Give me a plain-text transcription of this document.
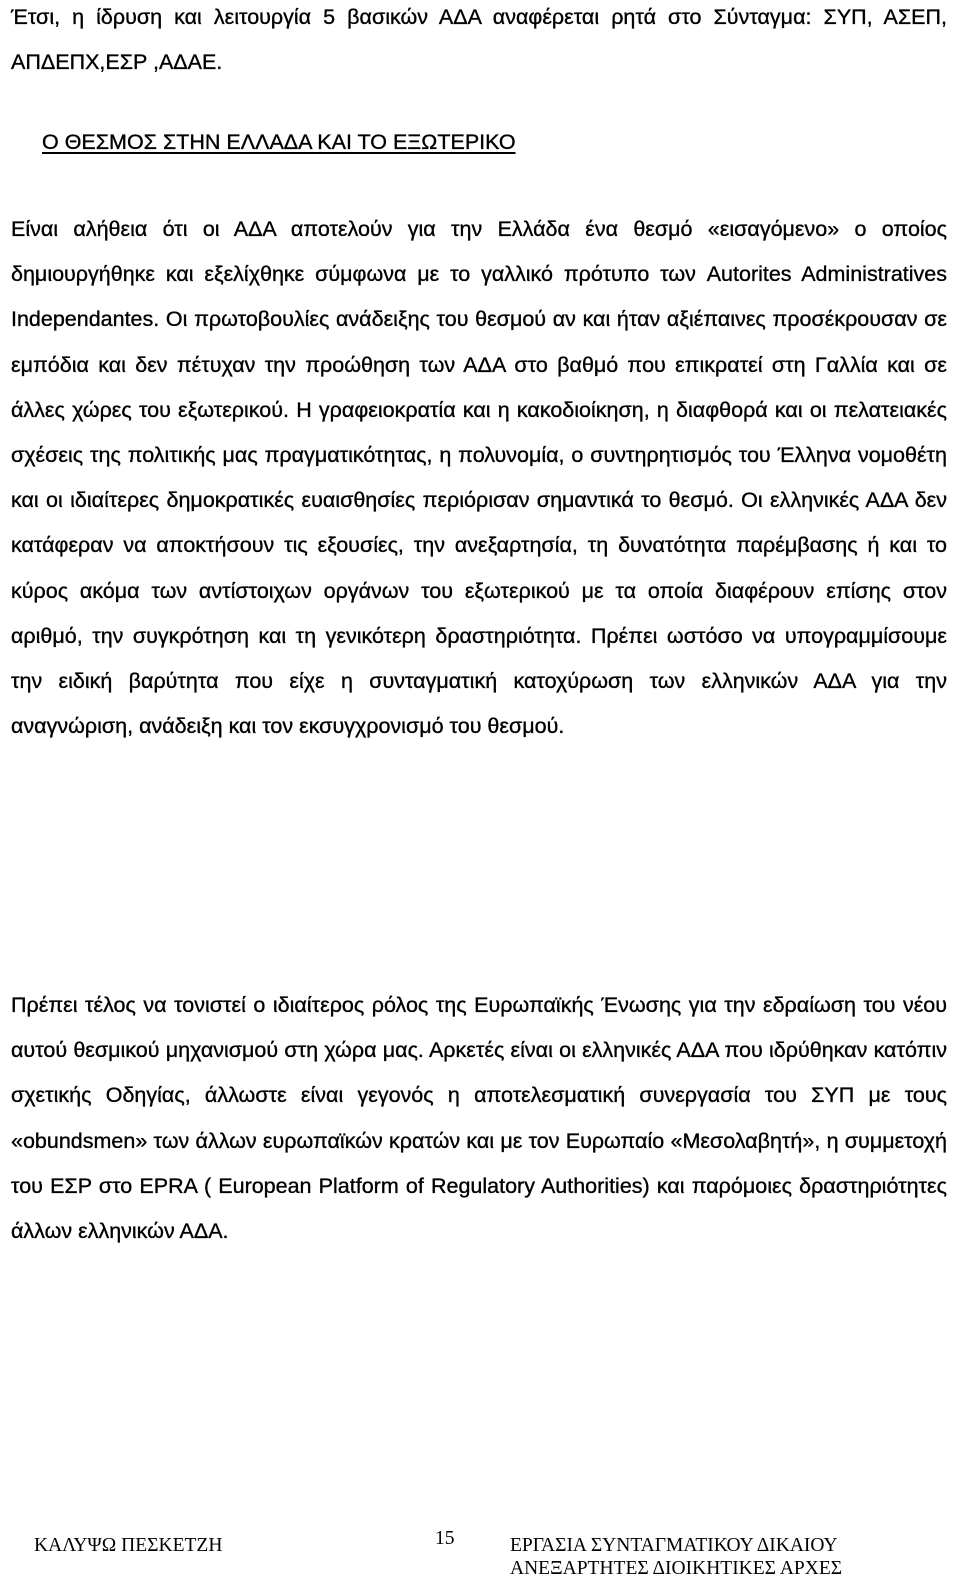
Έτσι, η ίδρυση και λειτουργία 5 βασικών ΑΔΑ αναφέρεται ρητά στο Σύνταγμα: ΣΥΠ, ΑΣΕΠ, ΑΠΔΕΠΧ,ΕΣΡ ,ΑΔΑΕ.

Ο ΘΕΣΜΟΣ ΣΤΗΝ ΕΛΛΑΔΑ ΚΑΙ ΤΟ ΕΞΩΤΕΡΙΚΟ

Είναι αλήθεια ότι οι ΑΔΑ αποτελούν για την Ελλάδα ένα θεσμό «εισαγόμενο» ο οποίος δημιουργήθηκε και εξελίχθηκε σύμφωνα με το γαλλικό πρότυπο των Autorites Administratives Independantes. Οι πρωτοβουλίες ανάδειξης του θεσμού αν και ήταν αξιέπαινες προσέκρουσαν σε εμπόδια και δεν πέτυχαν την προώθηση των ΑΔΑ στο βαθμό που επικρατεί στη Γαλλία και σε άλλες χώρες του εξωτερικού. Η γραφειοκρατία και η κακοδιοίκηση, η διαφθορά και οι πελατειακές σχέσεις της πολιτικής μας πραγματικότητας, η πολυνομία, ο συντηρητισμός του Έλληνα νομοθέτη και οι ιδιαίτερες δημοκρατικές ευαισθησίες περιόρισαν σημαντικά το θεσμό. Οι ελληνικές ΑΔΑ δεν κατάφεραν να αποκτήσουν τις εξουσίες, την ανεξαρτησία, τη δυνατότητα παρέμβασης ή και το κύρος ακόμα των αντίστοιχων οργάνων του εξωτερικού με τα οποία διαφέρουν επίσης στον αριθμό, την συγκρότηση και τη γενικότερη δραστηριότητα. Πρέπει ωστόσο να υπογραμμίσουμε την ειδική βαρύτητα που είχε η συνταγματική κατοχύρωση των ελληνικών ΑΔΑ για την αναγνώριση, ανάδειξη και τον εκσυγχρονισμό του θεσμού.

Πρέπει τέλος να τονιστεί ο ιδιαίτερος ρόλος της Ευρωπαϊκής Ένωσης για την εδραίωση του νέου αυτού θεσμικού μηχανισμού στη χώρα μας. Αρκετές είναι οι ελληνικές ΑΔΑ που ιδρύθηκαν κατόπιν σχετικής Οδηγίας, άλλωστε είναι γεγονός η αποτελεσματική συνεργασία του ΣΥΠ με τους «obundsmen» των άλλων ευρωπαϊκών κρατών και με τον Ευρωπαίο «Μεσολαβητή», η συμμετοχή του ΕΣΡ στο EPRA ( European Platform of Regulatory Authorities) και παρόμοιες δραστηριότητες άλλων ελληνικών ΑΔΑ.

ΚΑΛΥΨΩ ΠΕΣΚΕΤΖΗ	15	ΕΡΓΑΣΙΑ ΣΥΝΤΑΓΜΑΤΙΚΟΥ ΔΙΚΑΙΟΥ
ΑΝΕΞΑΡΤΗΤΕΣ ΔΙΟΙΚΗΤΙΚΕΣ ΑΡΧΕΣ
